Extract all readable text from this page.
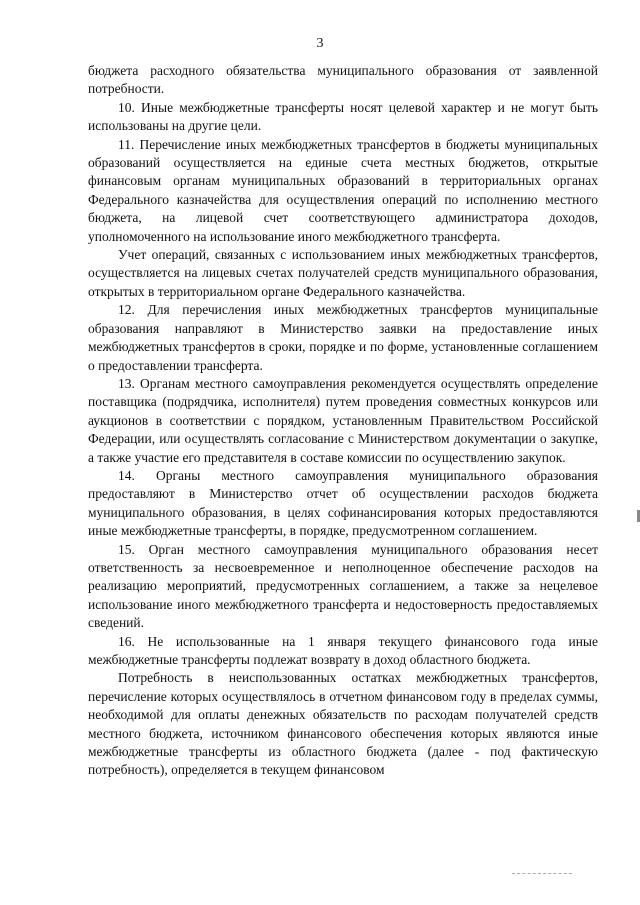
3

бюджета расходного обязательства муниципального образования от заявленной потребности.

10. Иные межбюджетные трансферты носят целевой характер и не могут быть использованы на другие цели.

11. Перечисление иных межбюджетных трансфертов в бюджеты муниципальных образований осуществляется на единые счета местных бюджетов, открытые финансовым органам муниципальных образований в территориальных органах Федерального казначейства для осуществления операций по исполнению местного бюджета, на лицевой счет соответствующего администратора доходов, уполномоченного на использование иного межбюджетного трансферта.

Учет операций, связанных с использованием иных межбюджетных трансфертов, осуществляется на лицевых счетах получателей средств муниципального образования, открытых в территориальном органе Федерального казначейства.

12. Для перечисления иных межбюджетных трансфертов муниципальные образования направляют в Министерство заявки на предоставление иных межбюджетных трансфертов в сроки, порядке и по форме, установленные соглашением о предоставлении трансферта.

13. Органам местного самоуправления рекомендуется осуществлять определение поставщика (подрядчика, исполнителя) путем проведения совместных конкурсов или аукционов в соответствии с порядком, установленным Правительством Российской Федерации, или осуществлять согласование с Министерством документации о закупке, а также участие его представителя в составе комиссии по осуществлению закупок.

14. Органы местного самоуправления муниципального образования предоставляют в Министерство отчет об осуществлении расходов бюджета муниципального образования, в целях софинансирования которых предоставляются иные межбюджетные трансферты, в порядке, предусмотренном соглашением.

15. Орган местного самоуправления муниципального образования несет ответственность за несвоевременное и неполноценное обеспечение расходов на реализацию мероприятий, предусмотренных соглашением, а также за нецелевое использование иного межбюджетного трансферта и недостоверность предоставляемых сведений.

16. Не использованные на 1 января текущего финансового года иные межбюджетные трансферты подлежат возврату в доход областного бюджета.

Потребность в неиспользованных остатках межбюджетных трансфертов, перечисление которых осуществлялось в отчетном финансовом году в пределах суммы, необходимой для оплаты денежных обязательств по расходам получателей средств местного бюджета, источником финансового обеспечения которых являются иные межбюджетные трансферты из областного бюджета (далее - под фактическую потребность), определяется в текущем финансовом
